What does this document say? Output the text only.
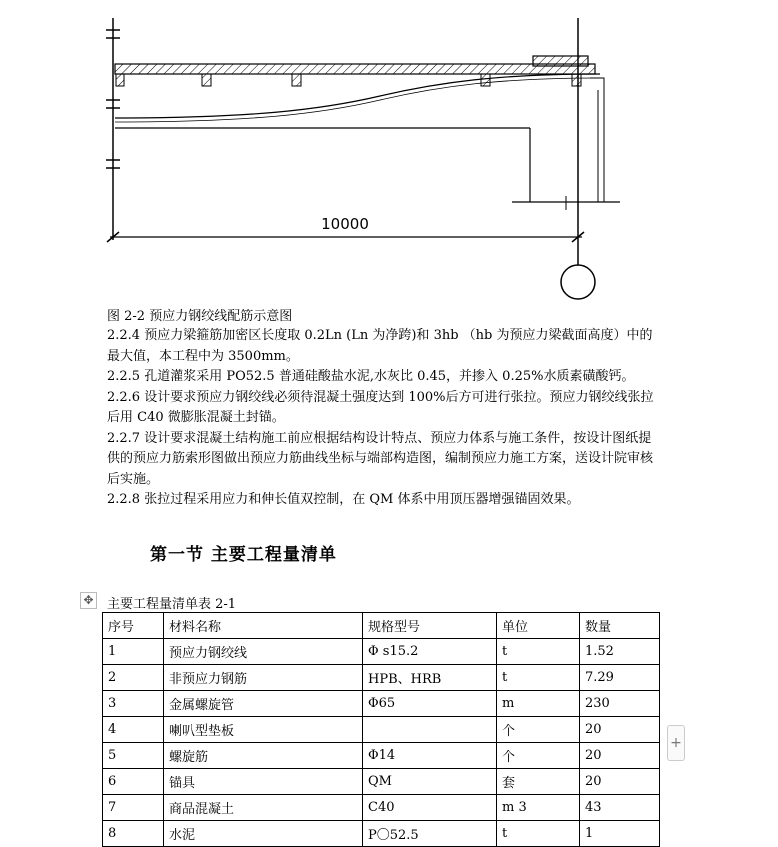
10000
图 2-2 预应力钢绞线配筋示意图

2.2.4 预应力梁箍筋加密区长度取 0.2Ln (Ln 为净跨)和 3hb （hb 为预应力梁截面高度）中的最大值，本工程中为 3500mm。

2.2.5 孔道灌浆采用 PO52.5 普通硅酸盐水泥,水灰比 0.45，并掺入 0.25%水质素磺酸钙。

2.2.6 设计要求预应力钢绞线必须待混凝土强度达到 100%后方可进行张拉。预应力钢绞线张拉后用 C40 微膨胀混凝土封锚。

2.2.7 设计要求混凝土结构施工前应根据结构设计特点、预应力体系与施工条件，按设计图纸提供的预应力筋索形图做出预应力筋曲线坐标与端部构造图，编制预应力施工方案，送设计院审核后实施。

2.2.8 张拉过程采用应力和伸长值双控制，在 QM 体系中用顶压器增强锚固效果。

第一节 主要工程量清单
✥ 主要工程量清单表 2-1
序号	材料名称	规格型号	单位	数量
1	预应力钢绞线	Φ s15.2	t	1.52
2	非预应力钢筋	HPB、HRB	t	7.29
3	金属螺旋管	Φ65	m	230
4	喇叭型垫板		个	20
5	螺旋筋	Φ14	个	20
6	锚具	QM	套	20
7	商品混凝土	C40	m 3	43
8	水泥	P〇52.5	t	1
+
